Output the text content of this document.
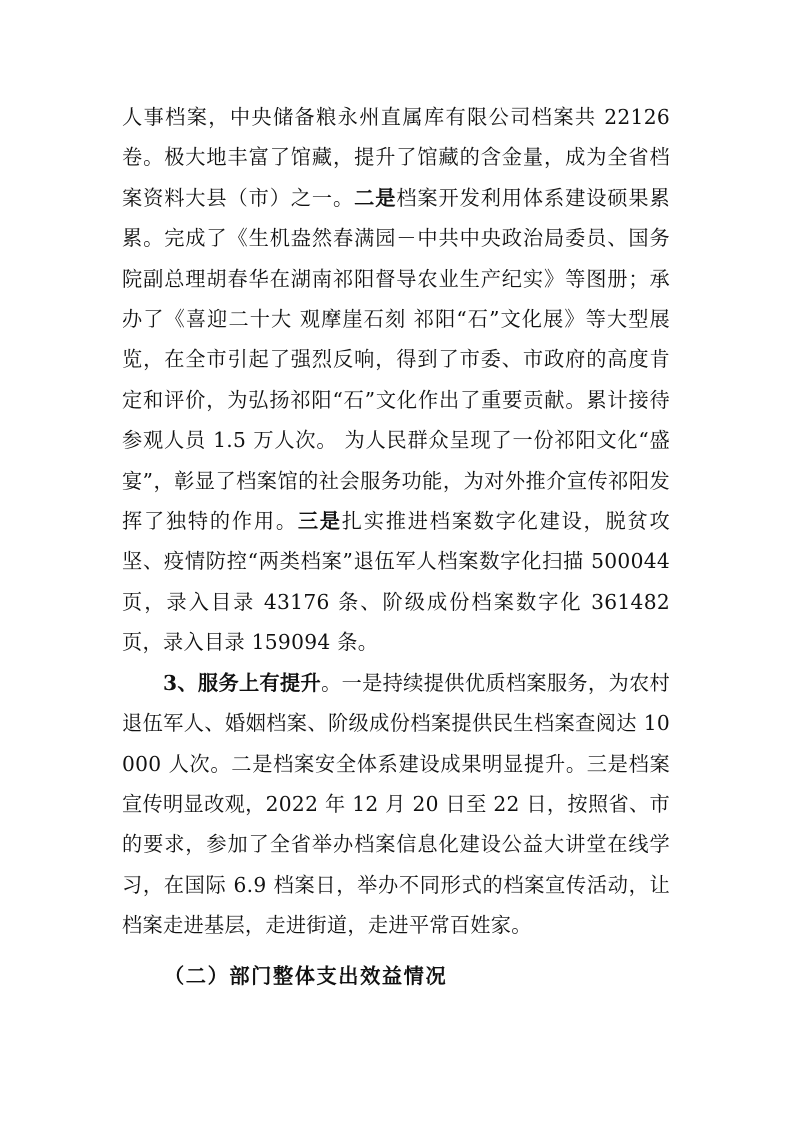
人事档案，中央储备粮永州直属库有限公司档案共 22126 卷。极大地丰富了馆藏，提升了馆藏的含金量，成为全省档案资料大县（市）之一。二是档案开发利用体系建设硕果累累。完成了《生机盎然春满园－中共中央政治局委员、国务院副总理胡春华在湖南祁阳督导农业生产纪实》等图册；承办了《喜迎二十大 观摩崖石刻 祁阳“石”文化展》等大型展览，在全市引起了强烈反响，得到了市委、市政府的高度肯定和评价，为弘扬祁阳“石”文化作出了重要贡献。累计接待参观人员 1.5 万人次。 为人民群众呈现了一份祁阳文化“盛宴”，彰显了档案馆的社会服务功能，为对外推介宣传祁阳发挥了独特的作用。三是扎实推进档案数字化建设，脱贫攻坚、疫情防控“两类档案”退伍军人档案数字化扫描 500044 页，录入目录 43176 条、阶级成份档案数字化 361482 页，录入目录 159094 条。

3、服务上有提升。一是持续提供优质档案服务，为农村退伍军人、婚姻档案、阶级成份档案提供民生档案查阅达 10000 人次。二是档案安全体系建设成果明显提升。三是档案宣传明显改观，2022 年 12 月 20 日至 22 日，按照省、市的要求，参加了全省举办档案信息化建设公益大讲堂在线学习，在国际 6.9 档案日，举办不同形式的档案宣传活动，让档案走进基层，走进街道，走进平常百姓家。

（二）部门整体支出效益情况
